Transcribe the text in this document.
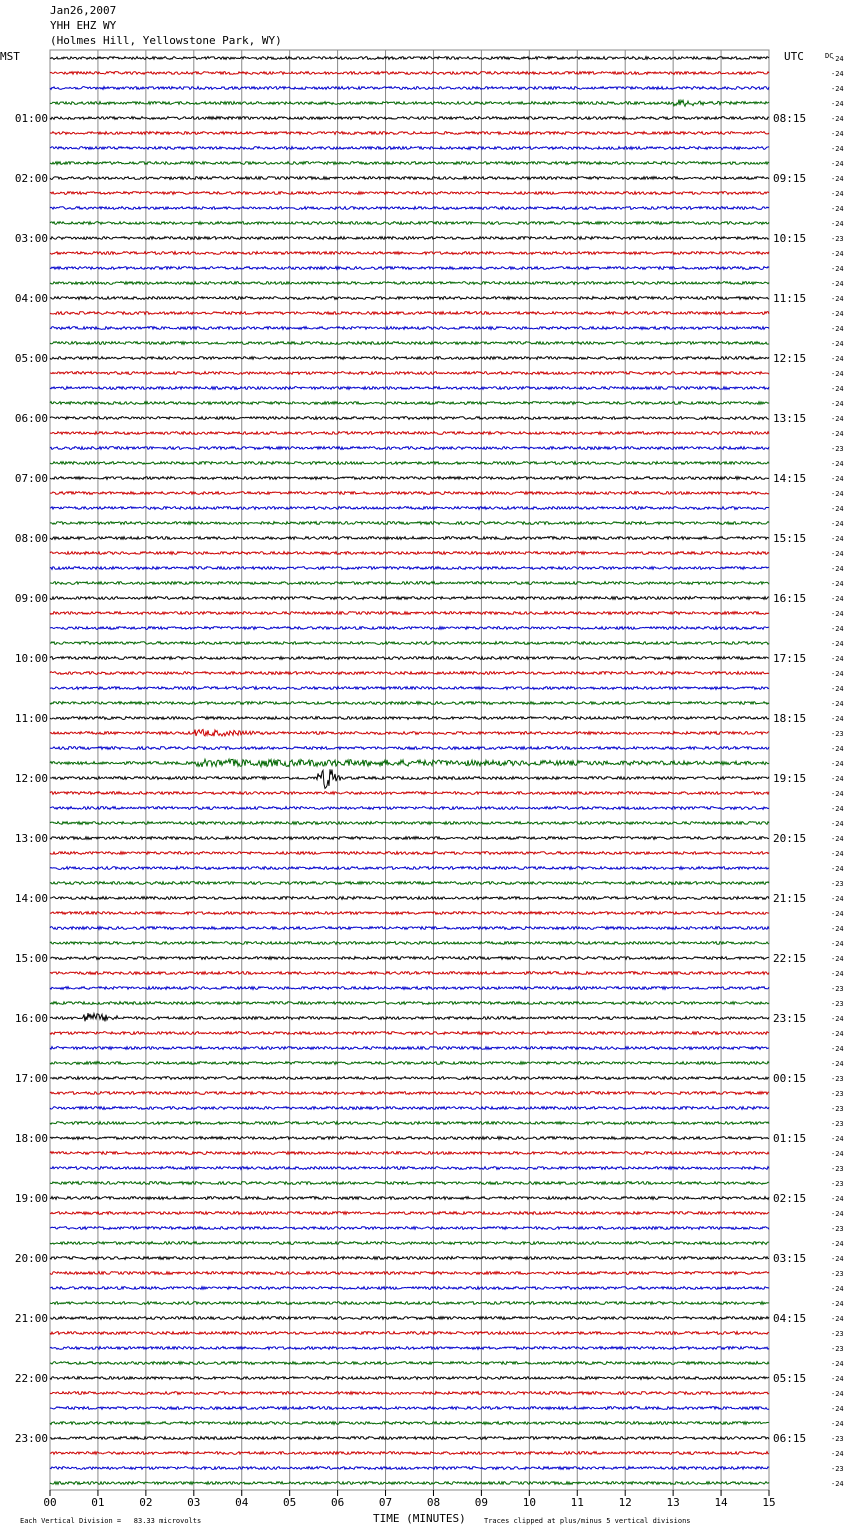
Jan26,2007
YHH EHZ WY
(Holmes Hill, Yellowstone Park, WY)
00	01	02	03	04	05	06	07	08	09	10	11	12	13	14	15
-24
-24
-24
-24
-24
-24
-24
-24
-24
-24
-24
-24
-23
-24
-24
-24
-24
-24
-24
-24
-24
-24
-24
-24
-24
-24
-23
-24
-24
-24
-24
-24
-24
-24
-24
-24
-24
-24
-24
-24
-24
-24
-24
-24
-24
-23
-24
-24
-24
-24
-24
-24
-24
-24
-24
-23
-24
-24
-24
-24
-24
-24
-23
-23
-24
-24
-24
-24
-23
-23
-23
-23
-24
-24
-23
-23
-24
-24
-23
-24
-24
-23
-24
-24
-24
-23
-23
-24
-24
-24
-24
-24
-23
-24
-23
-24
01:00
02:00
03:00
04:00
05:00
06:00
07:00
08:00
09:00
10:00
11:00
12:00
13:00
14:00
15:00
16:00
17:00
18:00
19:00
20:00
21:00
22:00
23:00
08:15
09:15
10:15
11:15
12:15
13:15
14:15
15:15
16:15
17:15
18:15
19:15
20:15
21:15
22:15
23:15
00:15
01:15
02:15
03:15
04:15
05:15
06:15
MST	UTC	DC
TIME (MINUTES)
Each Vertical Division =   83.33 microvolts	Traces clipped at plus/minus 5 vertical divisions
